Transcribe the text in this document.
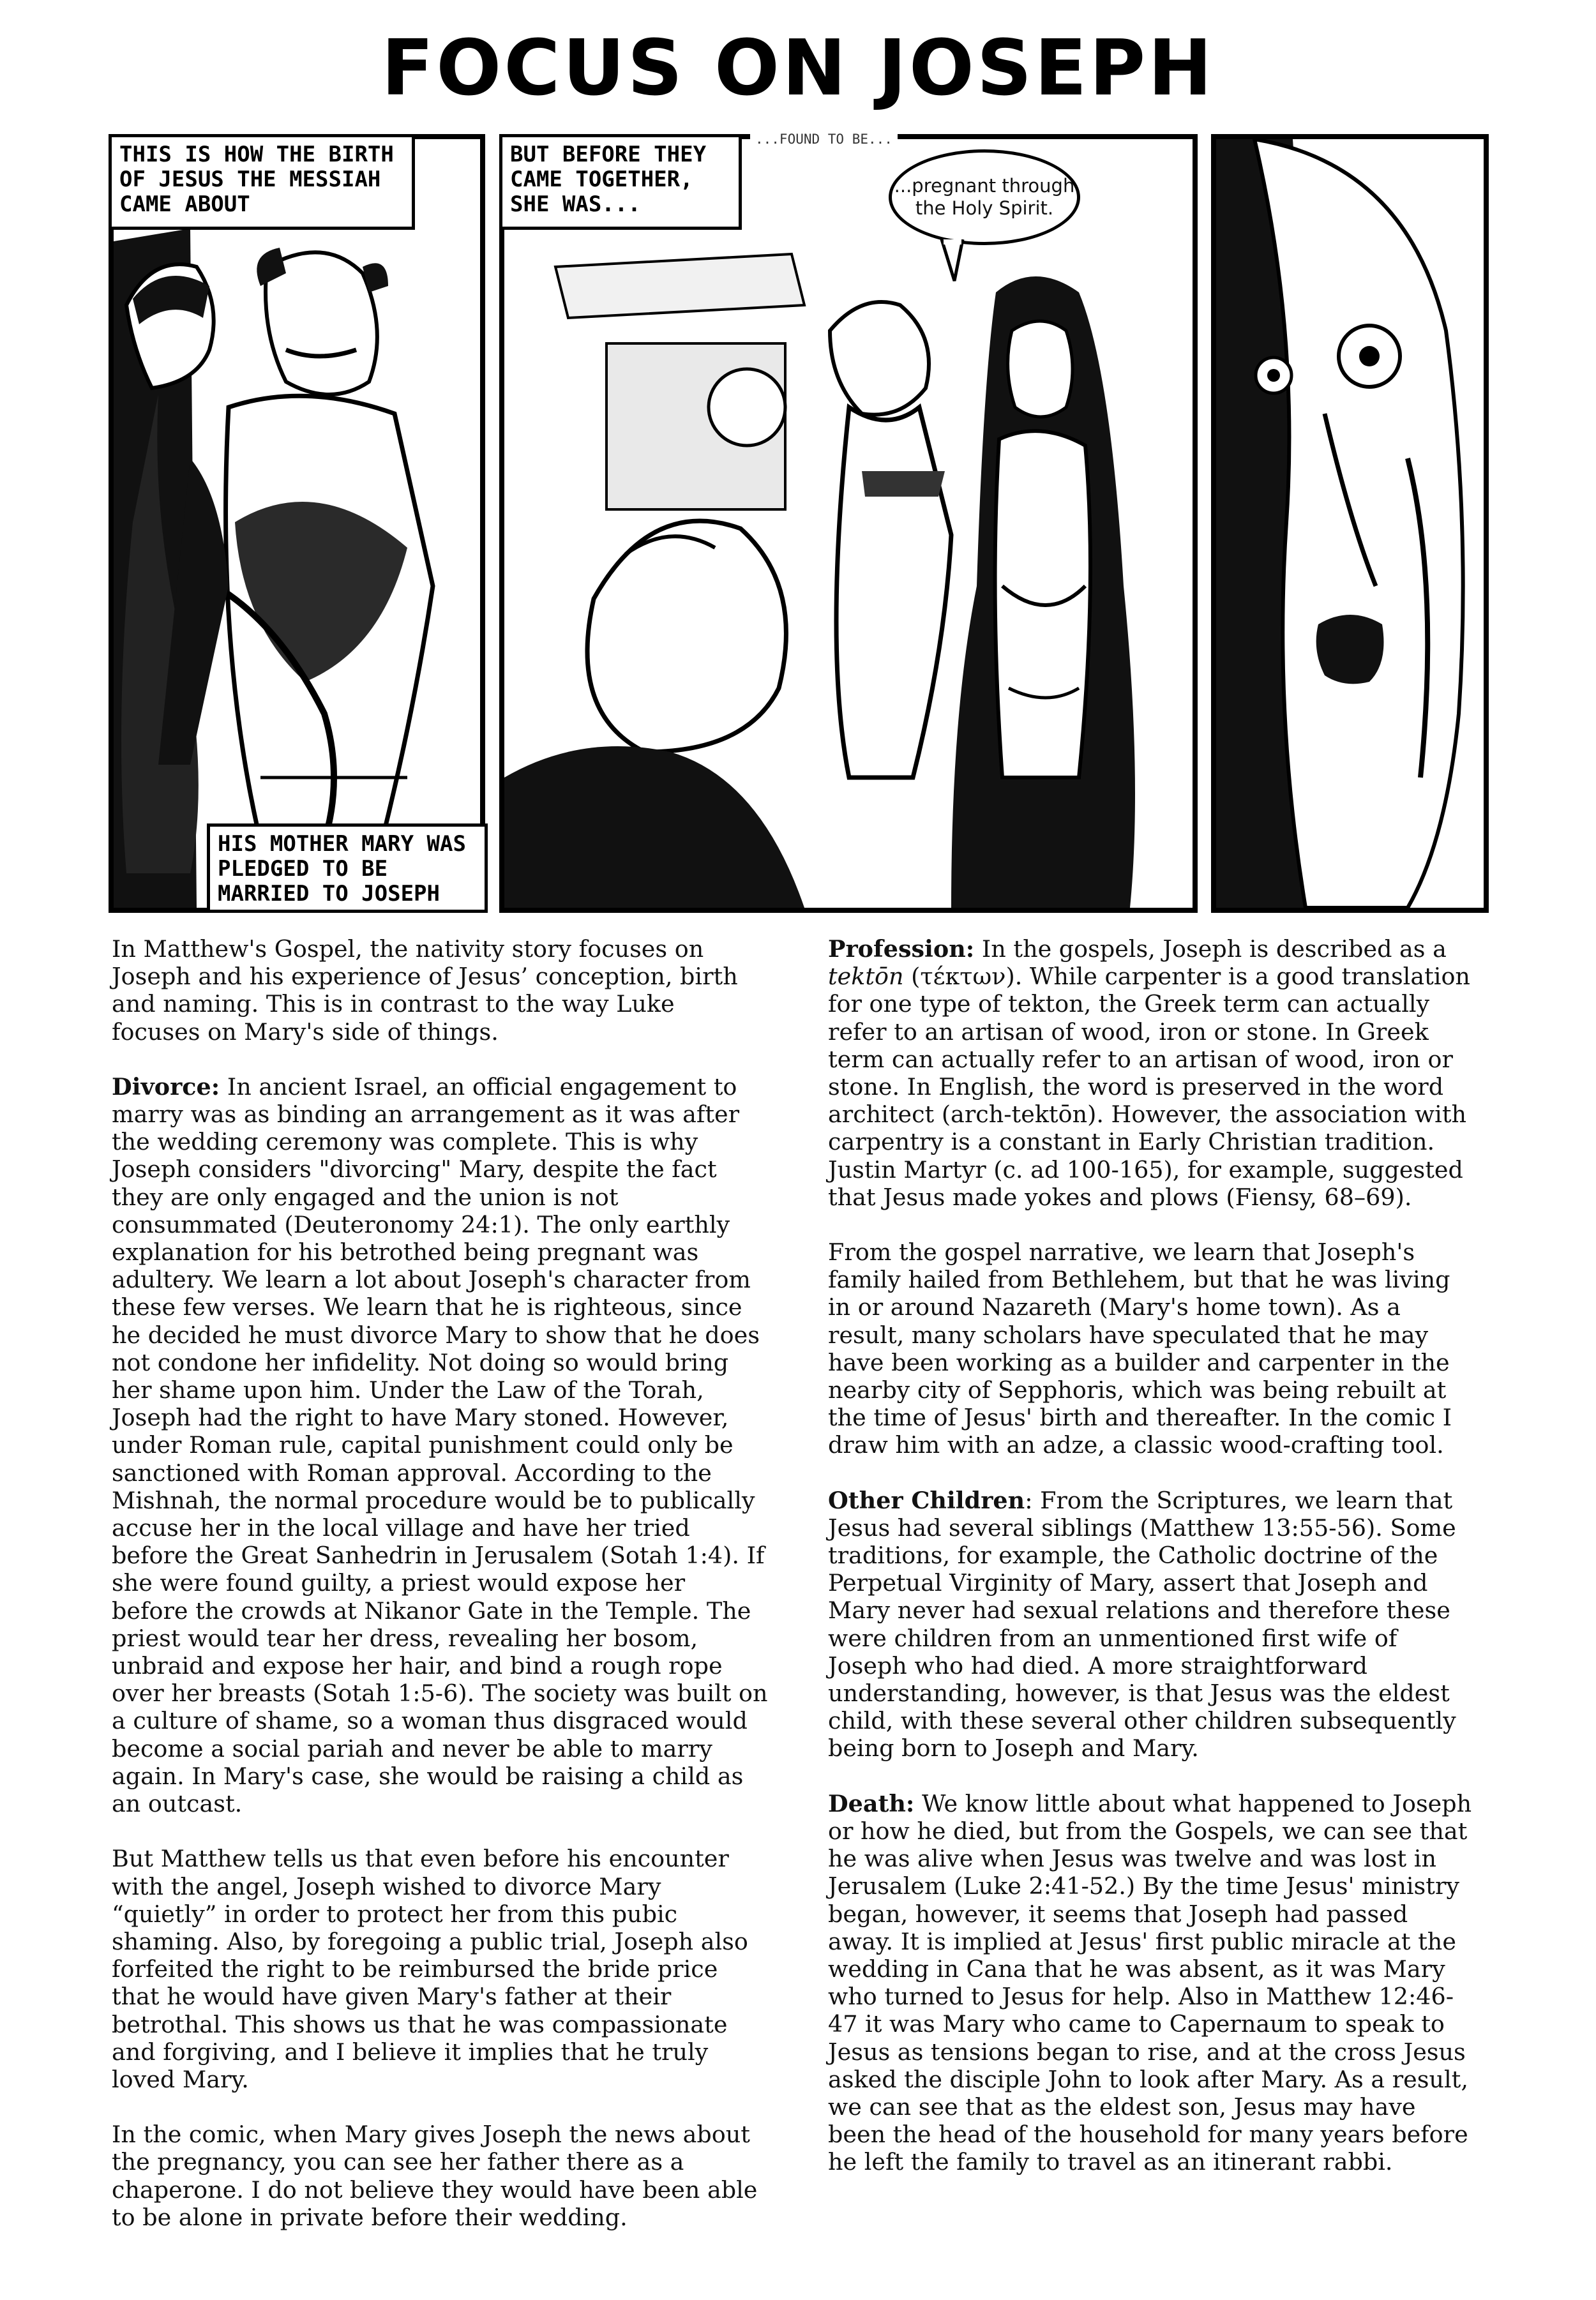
FOCUS ON JOSEPH
THIS IS HOW THE BIRTH OF JESUS THE MESSIAH CAME ABOUT
BUT BEFORE THEY CAME TOGETHER, SHE WAS...
...FOUND TO BE...
...pregnant through the Holy Spirit.
HIS MOTHER MARY WAS PLEDGED TO BE MARRIED TO JOSEPH

In Matthew's Gospel, the nativity story focuses on Joseph and his experience of Jesus’ conception, birth and naming. This is in contrast to the way Luke focuses on Mary's side of things.

Divorce: In ancient Israel, an official engagement to marry was as binding an arrangement as it was after the wedding ceremony was complete. This is why Joseph considers "divorcing" Mary, despite the fact they are only engaged and the union is not consummated (Deuteronomy 24:1). The only earthly explanation for his betrothed being pregnant was adultery. We learn a lot about Joseph's character from these few verses. We learn that he is righteous, since he decided he must divorce Mary to show that he does not condone her infidelity. Not doing so would bring her shame upon him. Under the Law of the Torah, Joseph had the right to have Mary stoned. However, under Roman rule, capital punishment could only be sanctioned with Roman approval. According to the Mishnah, the normal procedure would be to publically accuse her in the local village and have her tried before the Great Sanhedrin in Jerusalem (Sotah 1:4). If she were found guilty, a priest would expose her before the crowds at Nikanor Gate in the Temple. The priest would tear her dress, revealing her bosom, unbraid and expose her hair, and bind a rough rope over her breasts (Sotah 1:5-6). The society was built on a culture of shame, so a woman thus disgraced would become a social pariah and never be able to marry again. In Mary's case, she would be raising a child as an outcast.

But Matthew tells us that even before his encounter with the angel, Joseph wished to divorce Mary “quietly” in order to protect her from this pubic shaming. Also, by foregoing a public trial, Joseph also forfeited the right to be reimbursed the bride price that he would have given Mary's father at their betrothal. This shows us that he was compassionate and forgiving, and I believe it implies that he truly loved Mary.

In the comic, when Mary gives Joseph the news about the pregnancy, you can see her father there as a chaperone. I do not believe they would have been able to be alone in private before their wedding.

Profession: In the gospels, Joseph is described as a tektōn (τέκτων). While carpenter is a good translation for one type of tekton, the Greek term can actually refer to an artisan of wood, iron or stone. In Greek term can actually refer to an artisan of wood, iron or stone. In English, the word is preserved in the word architect (arch-tektōn). However, the association with carpentry is a constant in Early Christian tradition. Justin Martyr (c. ad 100-165), for example, suggested that Jesus made yokes and plows (Fiensy, 68–69).

From the gospel narrative, we learn that Joseph's family hailed from Bethlehem, but that he was living in or around Nazareth (Mary's home town). As a result, many scholars have speculated that he may have been working as a builder and carpenter in the nearby city of Sepphoris, which was being rebuilt at the time of Jesus' birth and thereafter. In the comic I draw him with an adze, a classic wood-crafting tool.

Other Children: From the Scriptures, we learn that Jesus had several siblings (Matthew 13:55-56). Some traditions, for example, the Catholic doctrine of the Perpetual Virginity of Mary, assert that Joseph and Mary never had sexual relations and therefore these were children from an unmentioned first wife of Joseph who had died. A more straightforward understanding, however, is that Jesus was the eldest child, with these several other children subsequently being born to Joseph and Mary.

Death: We know little about what happened to Joseph or how he died, but from the Gospels, we can see that he was alive when Jesus was twelve and was lost in Jerusalem (Luke 2:41-52.) By the time Jesus' ministry began, however, it seems that Joseph had passed away. It is implied at Jesus' first public miracle at the wedding in Cana that he was absent, as it was Mary who turned to Jesus for help. Also in Matthew 12:46-47 it was Mary who came to Capernaum to speak to Jesus as tensions began to rise, and at the cross Jesus asked the disciple John to look after Mary. As a result, we can see that as the eldest son, Jesus may have been the head of the household for many years before he left the family to travel as an itinerant rabbi.
